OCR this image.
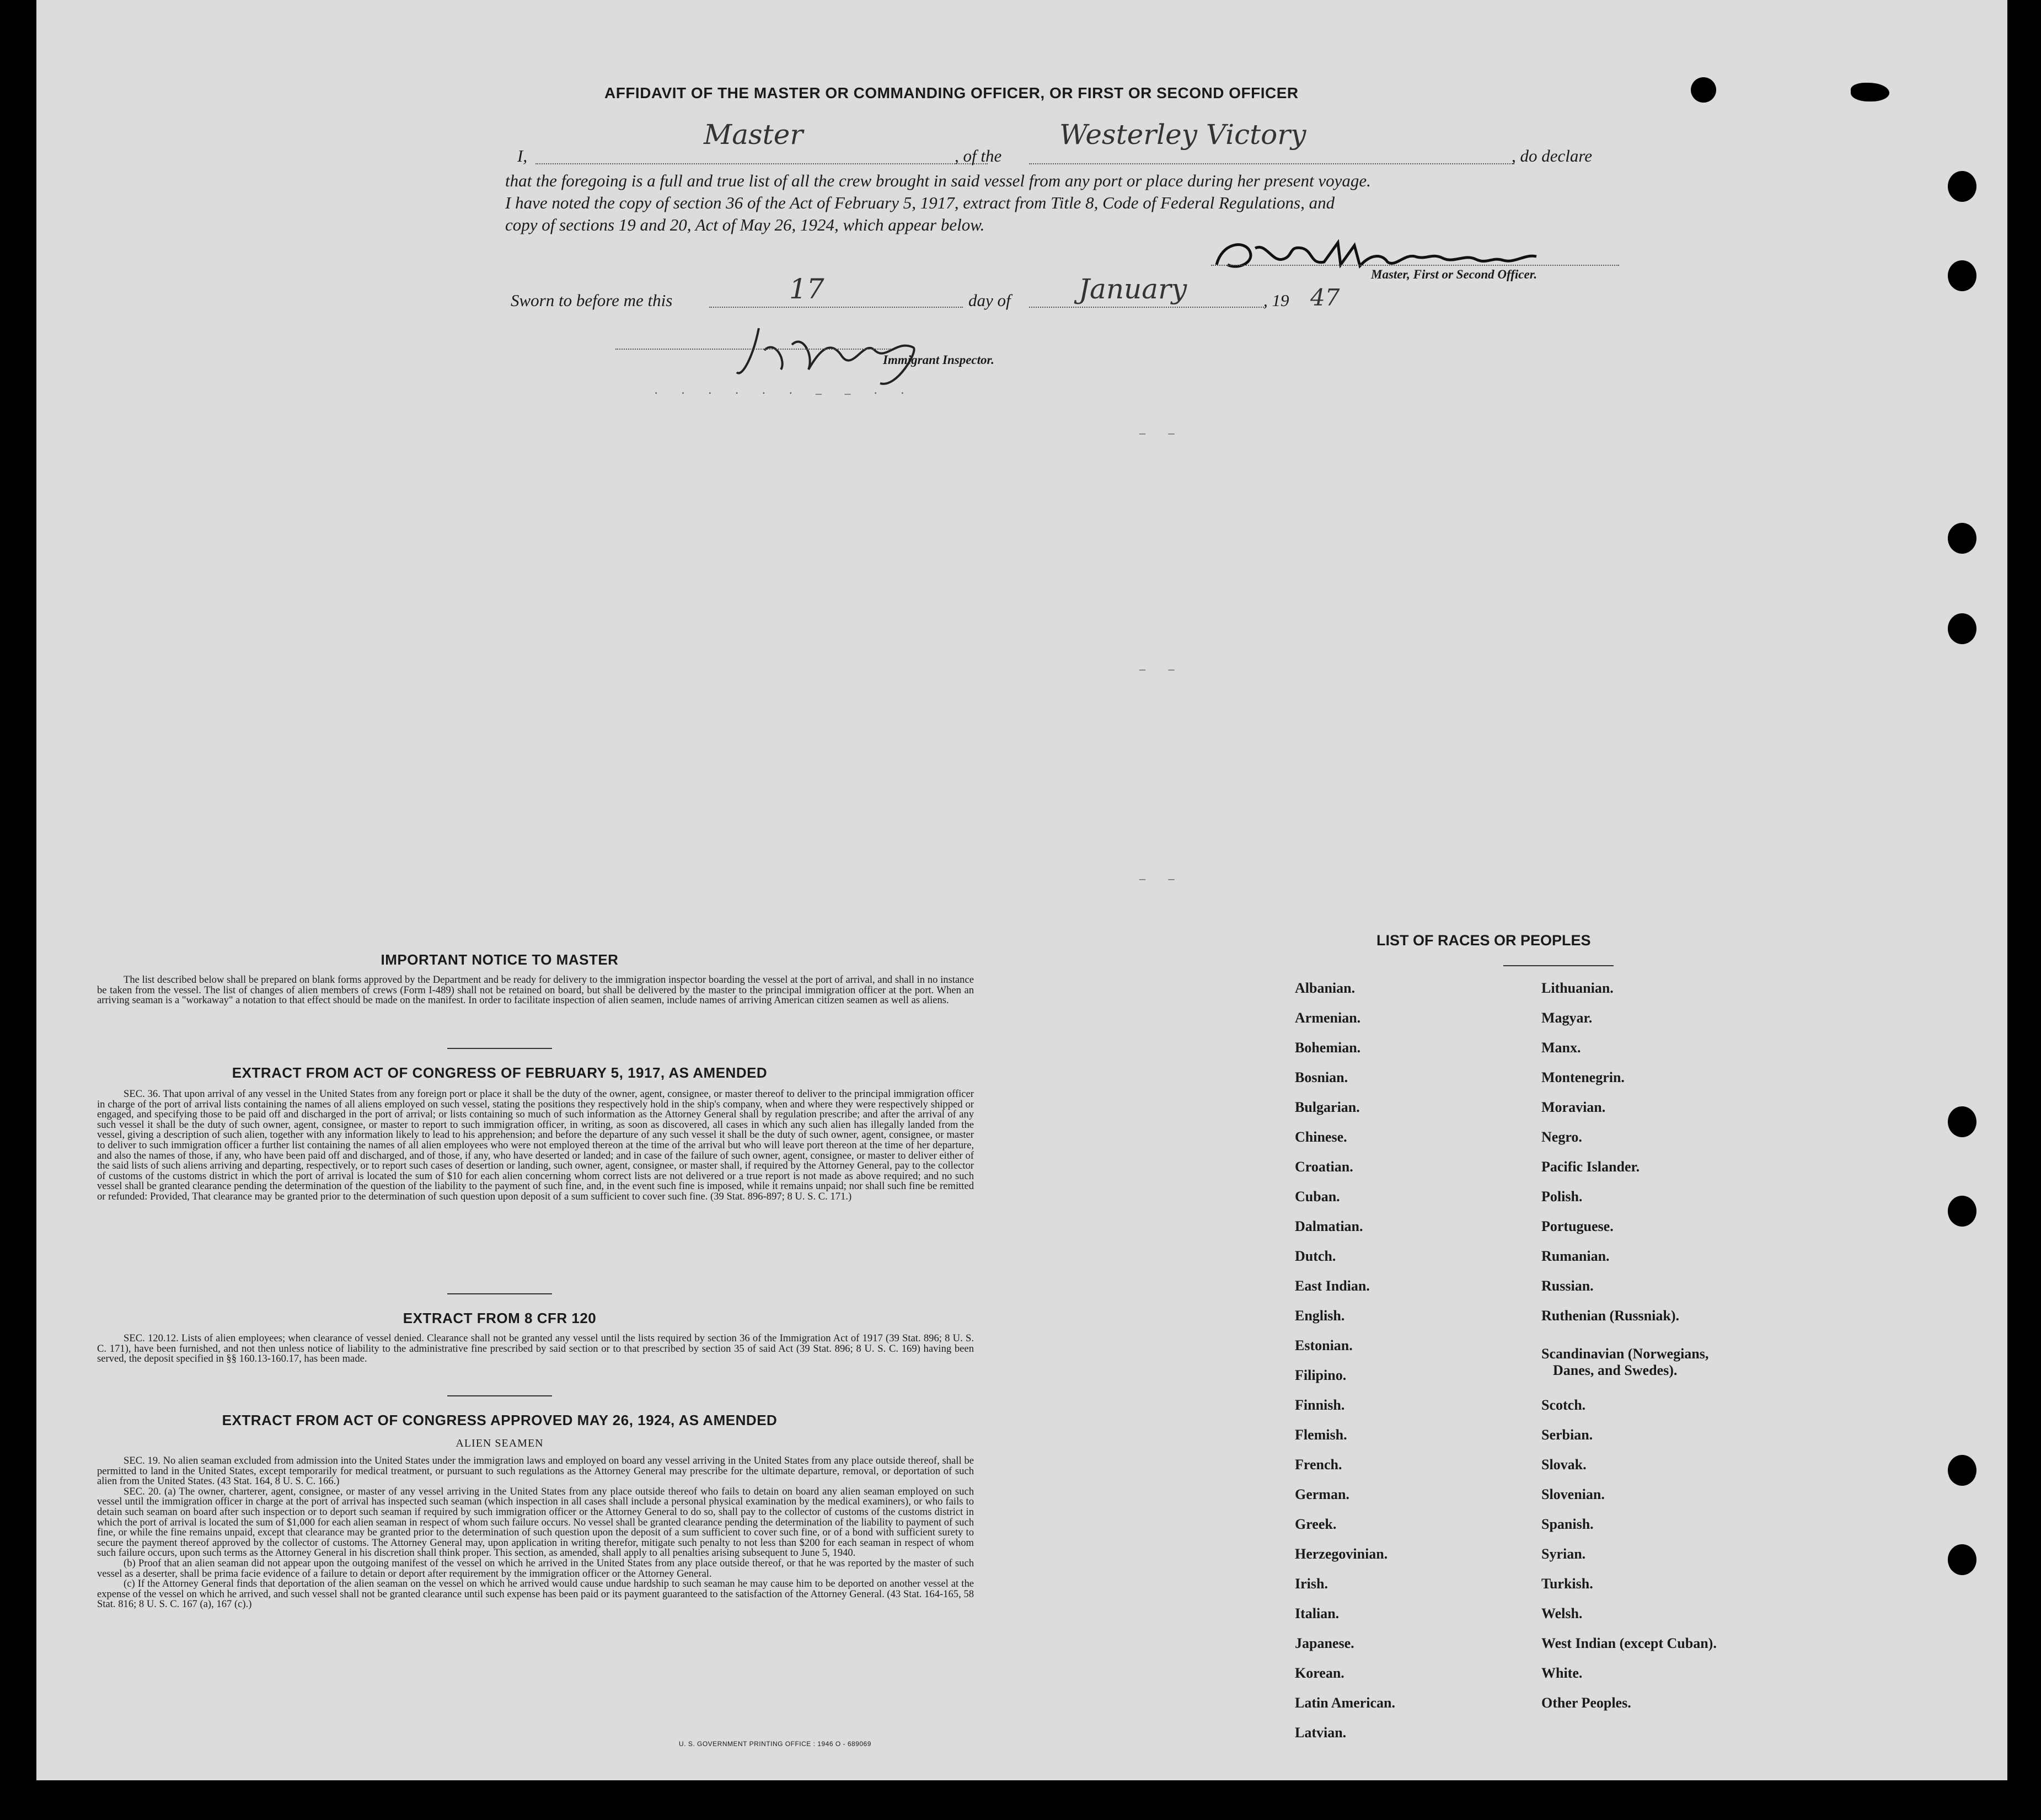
AFFIDAVIT OF THE MASTER OR COMMANDING OFFICER, OR FIRST OR SECOND OFFICER
I,
Master
, of the
Westerley Victory
, do declare
that the foregoing is a full and true list of all the crew brought in said vessel from any port or place during her present voyage.
I have noted the copy of section 36 of the Act of February 5, 1917, extract from Title 8, Code of Federal Regulations, and
copy of sections 19 and 20, Act of May 26, 1924, which appear below.
Master, First or Second Officer.
Sworn to before me this	17	day of January	, 19 47
Immigrant Inspector.
· · · · · · – – · ·
– –
– –
– –
IMPORTANT NOTICE TO MASTER

The list described below shall be prepared on blank forms approved by the Department and be ready for delivery to the immigration inspector boarding the vessel at the port of arrival, and shall in no instance be taken from the vessel. The list of changes of alien members of crews (Form I-489) shall not be retained on board, but shall be delivered by the master to the principal immigration officer at the port. When an arriving seaman is a "workaway" a notation to that effect should be made on the manifest. In order to facilitate inspection of alien seamen, include names of arriving American citizen seamen as well as aliens.

EXTRACT FROM ACT OF CONGRESS OF FEBRUARY 5, 1917, AS AMENDED

SEC. 36. That upon arrival of any vessel in the United States from any foreign port or place it shall be the duty of the owner, agent, consignee, or master thereof to deliver to the principal immigration officer in charge of the port of arrival lists containing the names of all aliens employed on such vessel, stating the positions they respectively hold in the ship's company, when and where they were respectively shipped or engaged, and specifying those to be paid off and discharged in the port of arrival; or lists containing so much of such information as the Attorney General shall by regulation prescribe; and after the arrival of any such vessel it shall be the duty of such owner, agent, consignee, or master to report to such immigration officer, in writing, as soon as discovered, all cases in which any such alien has illegally landed from the vessel, giving a description of such alien, together with any information likely to lead to his apprehension; and before the departure of any such vessel it shall be the duty of such owner, agent, consignee, or master to deliver to such immigration officer a further list containing the names of all alien employees who were not employed thereon at the time of the arrival but who will leave port thereon at the time of her departure, and also the names of those, if any, who have been paid off and discharged, and of those, if any, who have deserted or landed; and in case of the failure of such owner, agent, consignee, or master to deliver either of the said lists of such aliens arriving and departing, respectively, or to report such cases of desertion or landing, such owner, agent, consignee, or master shall, if required by the Attorney General, pay to the collector of customs of the customs district in which the port of arrival is located the sum of $10 for each alien concerning whom correct lists are not delivered or a true report is not made as above required; and no such vessel shall be granted clearance pending the determination of the question of the liability to the payment of such fine, and, in the event such fine is imposed, while it remains unpaid; nor shall such fine be remitted or refunded: Provided, That clearance may be granted prior to the determination of such question upon deposit of a sum sufficient to cover such fine. (39 Stat. 896-897; 8 U. S. C. 171.)

EXTRACT FROM 8 CFR 120

SEC. 120.12. Lists of alien employees; when clearance of vessel denied. Clearance shall not be granted any vessel until the lists required by section 36 of the Immigration Act of 1917 (39 Stat. 896; 8 U. S. C. 171), have been furnished, and not then unless notice of liability to the administrative fine prescribed by said section or to that prescribed by section 35 of said Act (39 Stat. 896; 8 U. S. C. 169) having been served, the deposit specified in §§ 160.13-160.17, has been made.

EXTRACT FROM ACT OF CONGRESS APPROVED MAY 26, 1924, AS AMENDED
ALIEN SEAMEN

SEC. 19. No alien seaman excluded from admission into the United States under the immigration laws and employed on board any vessel arriving in the United States from any place outside thereof, shall be permitted to land in the United States, except temporarily for medical treatment, or pursuant to such regulations as the Attorney General may prescribe for the ultimate departure, removal, or deportation of such alien from the United States. (43 Stat. 164, 8 U. S. C. 166.)

SEC. 20. (a) The owner, charterer, agent, consignee, or master of any vessel arriving in the United States from any place outside thereof who fails to detain on board any alien seaman employed on such vessel until the immigration officer in charge at the port of arrival has inspected such seaman (which inspection in all cases shall include a personal physical examination by the medical examiners), or who fails to detain such seaman on board after such inspection or to deport such seaman if required by such immigration officer or the Attorney General to do so, shall pay to the collector of customs of the customs district in which the port of arrival is located the sum of $1,000 for each alien seaman in respect of whom such failure occurs. No vessel shall be granted clearance pending the determination of the liability to payment of such fine, or while the fine remains unpaid, except that clearance may be granted prior to the determination of such question upon the deposit of a sum sufficient to cover such fine, or of a bond with sufficient surety to secure the payment thereof approved by the collector of customs. The Attorney General may, upon application in writing therefor, mitigate such penalty to not less than $200 for each seaman in respect of whom such failure occurs, upon such terms as the Attorney General in his discretion shall think proper. This section, as amended, shall apply to all penalties arising subsequent to June 5, 1940.

(b) Proof that an alien seaman did not appear upon the outgoing manifest of the vessel on which he arrived in the United States from any place outside thereof, or that he was reported by the master of such vessel as a deserter, shall be prima facie evidence of a failure to detain or deport after requirement by the immigration officer or the Attorney General.

(c) If the Attorney General finds that deportation of the alien seaman on the vessel on which he arrived would cause undue hardship to such seaman he may cause him to be deported on another vessel at the expense of the vessel on which he arrived, and such vessel shall not be granted clearance until such expense has been paid or its payment guaranteed to the satisfaction of the Attorney General. (43 Stat. 164-165, 58 Stat. 816; 8 U. S. C. 167 (a), 167 (c).)

U. S. GOVERNMENT PRINTING OFFICE : 1946 O - 689069
LIST OF RACES OR PEOPLES
Albanian.
Armenian.
Bohemian.
Bosnian.
Bulgarian.
Chinese.
Croatian.
Cuban.
Dalmatian.
Dutch.
East Indian.
English.
Estonian.
Filipino.
Finnish.
Flemish.
French.
German.
Greek.
Herzegovinian.
Irish.
Italian.
Japanese.
Korean.
Latin American.
Latvian.
Lithuanian.
Magyar.
Manx.
Montenegrin.
Moravian.
Negro.
Pacific Islander.
Polish.
Portuguese.
Rumanian.
Russian.
Ruthenian (Russniak).
Scandinavian (Norwegians,
Danes, and Swedes).
Scotch.
Serbian.
Slovak.
Slovenian.
Spanish.
Syrian.
Turkish.
Welsh.
West Indian (except Cuban).
White.
Other Peoples.
